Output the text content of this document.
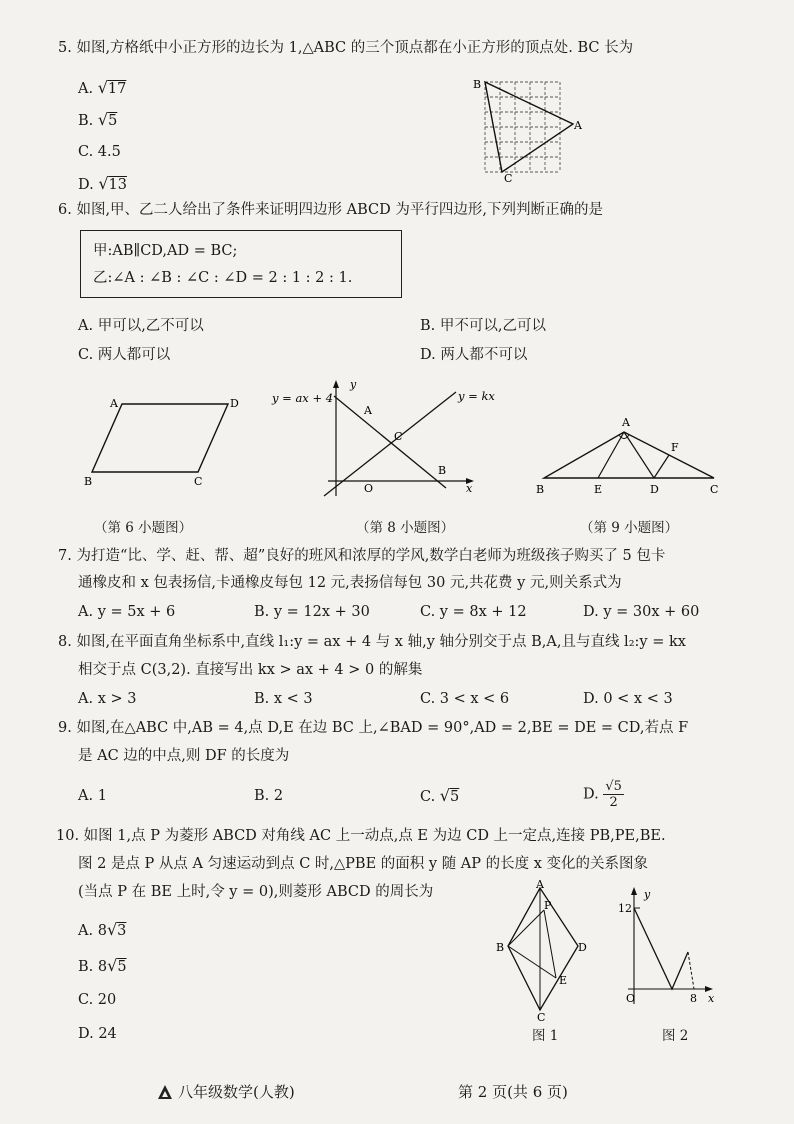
5. 如图,方格纸中小正方形的边长为 1,△ABC 的三个顶点都在小正方形的顶点处. BC 长为
A. √17
B. √5
C. 4.5
D. √13
B
A
C
6. 如图,甲、乙二人给出了条件来证明四边形 ABCD 为平行四边形,下列判断正确的是
甲:AB∥CD,AD = BC;
乙:∠A : ∠B : ∠C : ∠D = 2 : 1 : 2 : 1.
A. 甲可以,乙不可以	B. 甲不可以,乙可以
C. 两人都可以	D. 两人都不可以
A	D
B	C
（第 6 小题图）
y = ax + 4	y = kx
y
x
A
C
O
B
（第 8 小题图）
A
F
B	E	D	C
（第 9 小题图）
7. 为打造“比、学、赶、帮、超”良好的班风和浓厚的学风,数学白老师为班级孩子购买了 5 包卡
通橡皮和 x 包表扬信,卡通橡皮每包 12 元,表扬信每包 30 元,共花费 y 元,则关系式为
A. y = 5x + 6	B. y = 12x + 30	C. y = 8x + 12	D. y = 30x + 60
8. 如图,在平面直角坐标系中,直线 l₁:y = ax + 4 与 x 轴,y 轴分别交于点 B,A,且与直线 l₂:y = kx
相交于点 C(3,2). 直接写出 kx > ax + 4 > 0 的解集
A. x > 3	B. x < 3	C. 3 < x < 6	D. 0 < x < 3
9. 如图,在△ABC 中,AB = 4,点 D,E 在边 BC 上,∠BAD = 90°,AD = 2,BE = DE = CD,若点 F
是 AC 边的中点,则 DF 的长度为
A. 1	B. 2	C. √5	D. $\frac{√5}{2}$
10. 如图 1,点 P 为菱形 ABCD 对角线 AC 上一动点,点 E 为边 CD 上一定点,连接 PB,PE,BE.
图 2 是点 P 从点 A 匀速运动到点 C 时,△PBE 的面积 y 随 AP 的长度 x 变化的关系图象
(当点 P 在 BE 上时,令 y = 0),则菱形 ABCD 的周长为
A. 8√3
B. 8√5
C. 20
D. 24
A
P
B	D
E
C
图 1
y
12
O	8 x
图 2
八年级数学(人教)	第 2 页(共 6 页)
